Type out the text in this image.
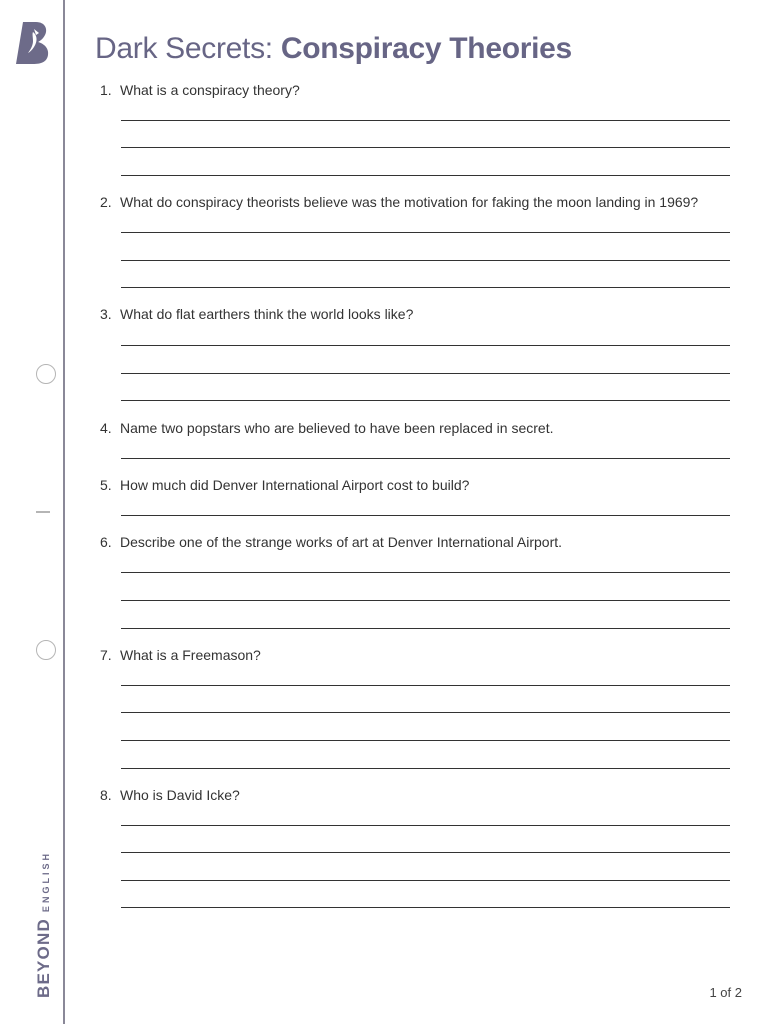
BEYONDENGLISH
Dark Secrets: Conspiracy Theories
1. What is a conspiracy theory?
2. What do conspiracy theorists believe was the motivation for faking the moon landing in 1969?
3. What do flat earthers think the world looks like?
4. Name two popstars who are believed to have been replaced in secret.
5. How much did Denver International Airport cost to build?
6. Describe one of the strange works of art at Denver International Airport.
7. What is a Freemason?
8. Who is David Icke?
1 of 2
